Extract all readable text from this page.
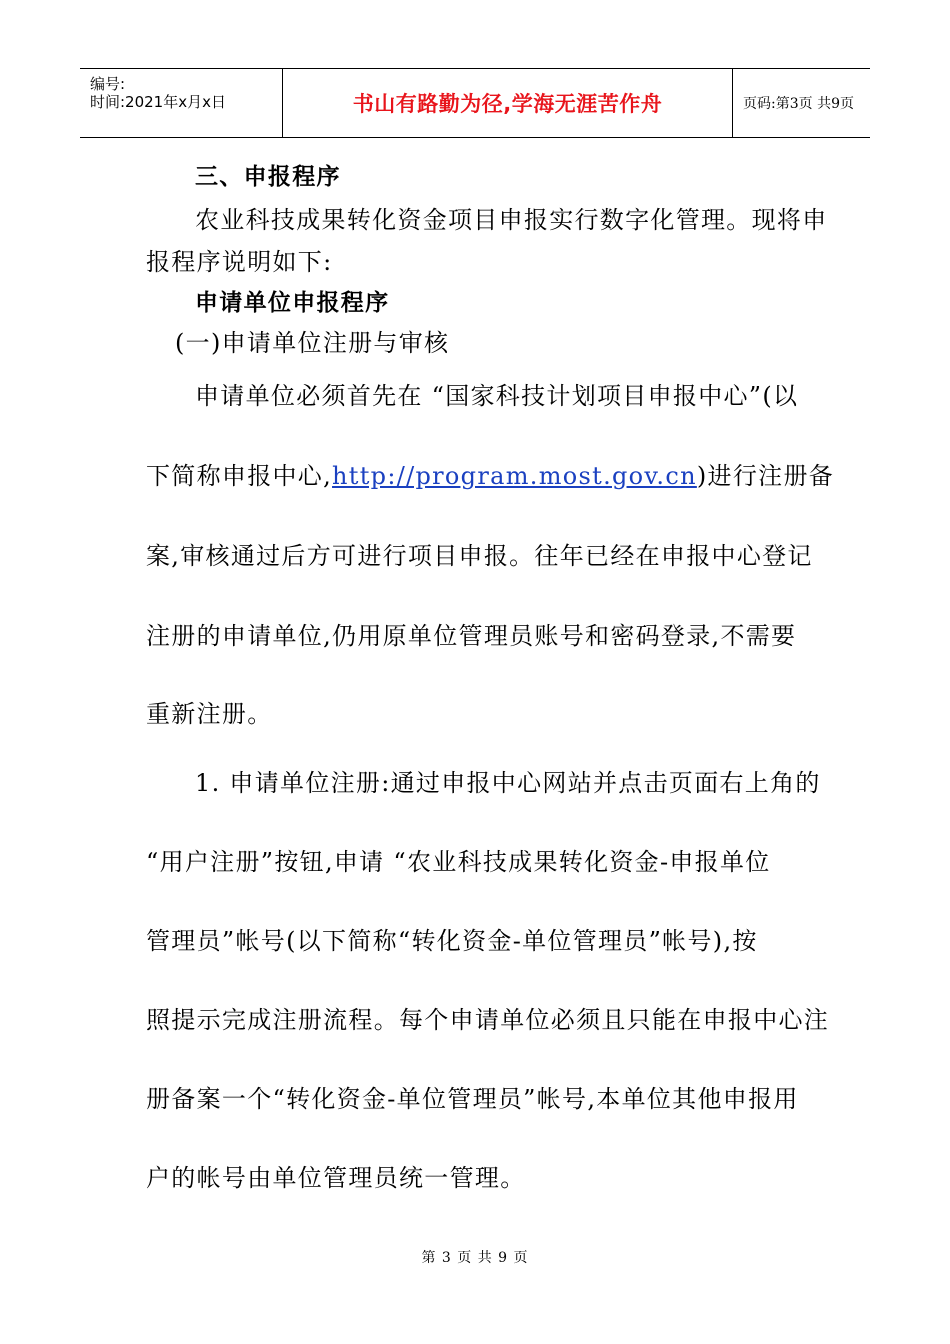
编号:
时间:2021年x月x日	书山有路勤为径,学海无涯苦作舟	页码:第3页 共9页
三、申报程序
农业科技成果转化资金项目申报实行数字化管理。现将申
报程序说明如下:
申请单位申报程序
(一)申请单位注册与审核
申请单位必须首先在 “国家科技计划项目申报中心”(以
下简称申报中心,http://program.most.gov.cn)进行注册备
案,审核通过后方可进行项目申报。往年已经在申报中心登记
注册的申请单位,仍用原单位管理员账号和密码登录,不需要
重新注册。
1. 申请单位注册:通过申报中心网站并点击页面右上角的
“用户注册”按钮,申请 “农业科技成果转化资金-申报单位
管理员”帐号(以下简称“转化资金-单位管理员”帐号),按
照提示完成注册流程。每个申请单位必须且只能在申报中心注
册备案一个“转化资金-单位管理员”帐号,本单位其他申报用
户的帐号由单位管理员统一管理。
第 3 页 共 9 页
